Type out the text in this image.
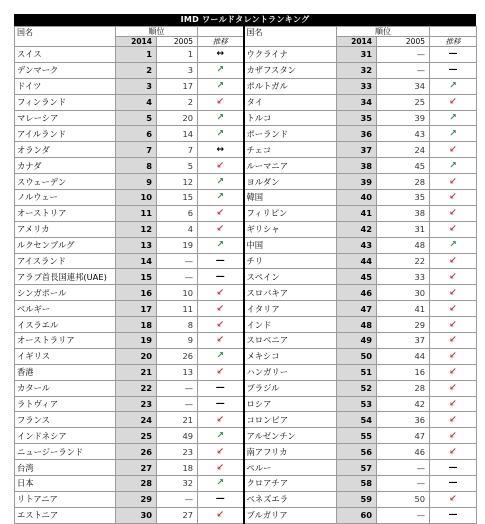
IMD ワールドタレントランキング
国名	順位			国名	順位		
	2014	2005	推移		2014	2005	推移
スイス	1	1	↔	ウクライナ	31	—	—
デンマーク	2	3	↗	カザフスタン	32	—	—
ドイツ	3	17	↗	ポルトガル	33	34	↗
フィンランド	4	2	↙	タイ	34	25	↙
マレーシア	5	20	↗	トルコ	35	39	↗
アイルランド	6	14	↗	ポーランド	36	43	↗
オランダ	7	7	↔	チェコ	37	24	↙
カナダ	8	5	↙	ルーマニア	38	45	↗
スウェーデン	9	12	↗	ヨルダン	39	28	↙
ノルウェー	10	15	↗	韓国	40	35	↙
オーストリア	11	6	↙	フィリピン	41	38	↙
アメリカ	12	4	↙	ギリシャ	42	31	↙
ルクセンブルグ	13	19	↗	中国	43	48	↗
アイスランド	14	—	—	チリ	44	22	↙
アラブ首長国連邦(UAE)	15	—	—	スペイン	45	33	↙
シンガポール	16	10	↙	スロバキア	46	30	↙
ベルギー	17	11	↙	イタリア	47	41	↙
イスラエル	18	8	↙	インド	48	29	↙
オーストラリア	19	9	↙	スロベニア	49	37	↙
イギリス	20	26	↗	メキシコ	50	44	↙
香港	21	13	↙	ハンガリー	51	16	↙
カタール	22	—	—	ブラジル	52	28	↙
ラトヴィア	23	—	—	ロシア	53	42	↙
フランス	24	21	↙	コロンビア	54	36	↙
インドネシア	25	49	↗	アルゼンチン	55	47	↙
ニュージーランド	26	23	↙	南アフリカ	56	46	↙
台湾	27	18	↙	ペルー	57	—	—
日本	28	32	↗	クロアチア	58	—	—
リトアニア	29	—	—	ベネズエラ	59	50	↙
エストニア	30	27	↙	ブルガリア	60	—	—
